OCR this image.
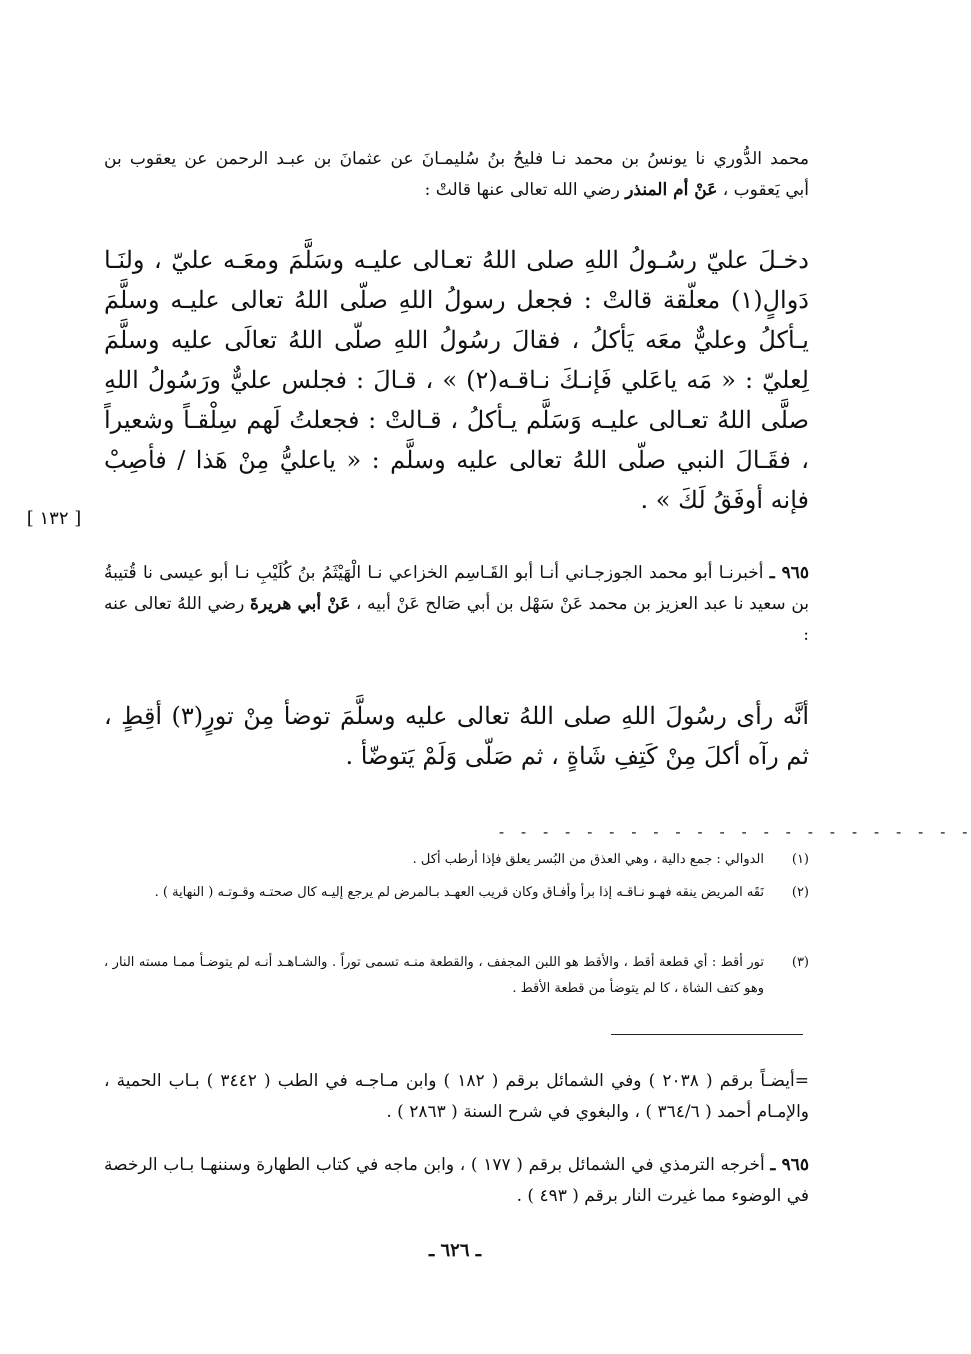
محمد الدُّوري نا يونسُ بن محمد نـا فليحُ بنُ سُليمـانَ عن عثمانَ بن عبـد الرحمن عن يعقوب بن
أبي يَعقوب ، عَنْ أم المنذر رضي الله تعالى عنها قالتْ :
دخـلَ عليّ رسُـولُ اللهِ صلى اللهُ تعـالى عليـه وسَلَّمَ ومعَـه عليّ ، ولنَـا دَوالٍ(١) معلّقة قالتْ : فجعل رسولُ اللهِ صلّى اللهُ تعالى عليـه وسلَّمَ يـأكلُ وعليٌّ معَه يَأكلُ ، فقالَ رسُولُ اللهِ صلّى اللهُ تعالَى عليه وسلَّمَ لِعليّ : « مَه ياعَلي فَإنـكَ نـاقـه(٢) » ، قـالَ : فجلس عليٌّ ورَسُولُ اللهِ صلَّى اللهُ تعـالى عليـه وَسَلَّم يـأكلُ ، قـالتْ : فجعلتُ لَهم سِلْقـاً وشعيراً ، فقَـالَ النبي صلّى اللهُ تعالى عليه وسلَّم : « ياعليُّ مِنْ هَذا / فأصِبْ فإنه أوفَقُ لَكَ » .
[ ١٣٢ ]
٩٦٥ ـ أخبرنـا أبو محمد الجوزجـاني أنـا أبو القَـاسِم الخزاعي نـا الْهَيْثَمُ بنُ كُلَيْبِ نـا أبو عيسى نا قُتيبةُ بن سعيد نا عبد العزيز بن محمد عَنْ سَهْل بن أبي صَالح عَنْ أبيه ، عَنْ أبي هريرةَ رضي اللهُ تعالى عنه :
أنَّه رأى رسُولَ اللهِ صلى اللهُ تعالى عليه وسلَّمَ توضأ مِنْ تورٍ(٣) أقِطٍ ، ثم رآه أكلَ مِنْ كَتِفِ شَاةٍ ، ثم صَلّى وَلَمْ يَتوضّأ .
- - - - - - - - - - - - - - - - - - - - - -
(١)
الدوالي : جمع دالية ، وهي العذق من البُسر يعلق فإذا أرطب أكل .
(٢)
نَقَه المريض ينقه فهـو نـاقـه إذا برأ وأفـاق وكان قريب العهـد بـالمرض لم يرجع إليـه كال صحتـه وقـوتـه ( النهاية ) .
(٣)
تور أقط : أي قطعة أقط ، والأقط هو اللبن المجفف ، والقطعة منـه تسمى توراً . والشـاهـد أنـه لم يتوضـأ ممـا مسته النار ، وهو كتف الشاة ، كا لم يتوضأ من قطعة الأقط .
=أيضـاً برقم ( ٢٠٣٨ ) وفي الشمائل برقم ( ١٨٢ ) وابن مـاجـه في الطب ( ٣٤٤٢ ) بـاب الحمية ، والإمـام أحمد ( ٣٦٤/٦ ) ، والبغوي في شرح السنة ( ٢٨٦٣ ) .
٩٦٥ ـ أخرجه الترمذي في الشمائل برقم ( ١٧٧ ) ، وابن ماجه في كتاب الطهارة وسننهـا بـاب الرخصة في الوضوء مما غيرت النار برقم ( ٤٩٣ ) .
ـ ٦٢٦ ـ
